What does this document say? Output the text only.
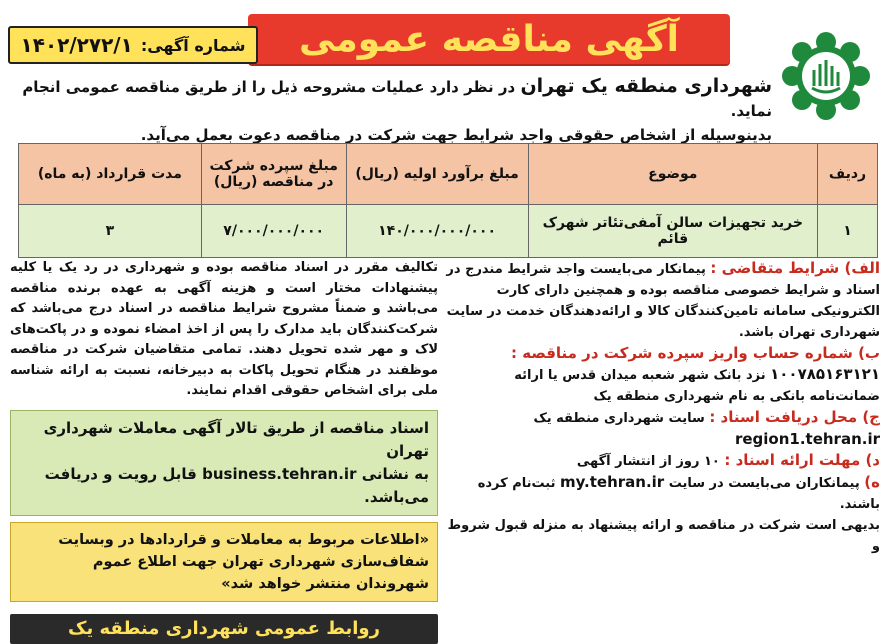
آگهی مناقصه عمومی
شماره آگهی:
۱۴۰۲/۲۷۲/۱
شهرداری منطقه یک تهران در نظر دارد عملیات مشروحه ذیل را از طریق مناقصه عمومی انجام نماید.
بدینوسیله از اشخاص حقوقی واجد شرایط جهت شرکت در مناقصه دعوت بعمل می‌آید.
ردیف	موضوع	مبلغ برآورد اولیه (ریال)	مبلغ سپرده شرکت در مناقصه (ریال)	مدت قرارداد (به ماه)
۱	خرید تجهیزات سالن آمفی‌تئاتر شهرک قائم	۱۴۰/۰۰۰/۰۰۰/۰۰۰	۷/۰۰۰/۰۰۰/۰۰۰	۳
تکالیف مقرر در اسناد مناقصه بوده و شهرداری در رد یک یا کلیه پیشنهادات مختار است و هزینه آگهی به عهده برنده مناقصه می‌باشد و ضمناً مشروح شرایط مناقصه در اسناد درج می‌باشد که شرکت‌کنندگان باید مدارک را پس از اخذ امضاء نموده و در پاکت‌های لاک و مهر شده تحویل دهند. تمامی متقاضیان شرکت در مناقصه موظفند در هنگام تحویل پاکات به دبیرخانه، نسبت به ارائه شناسه ملی برای اشخاص حقوقی اقدام نمایند.
اسناد مناقصه از طریق تالار آگهی معاملات شهرداری تهران
به نشانی business.tehran.ir قابل رویت و دریافت می‌باشد.
«اطلاعات مربوط به معاملات و قراردادها در وبسایت شفاف‌سازی شهرداری تهران جهت اطلاع عموم شهروندان منتشر خواهد شد»
روابط عمومی شهرداری منطقه یک
الف) شرایط متقاضی : پیمانکار می‌بایست واجد شرایط مندرج در اسناد و شرایط خصوصی مناقصه بوده و همچنین دارای کارت الکترونیکی سامانه تامین‌کنندگان کالا و ارائه‌دهندگان خدمت در سایت شهرداری تهران باشد.
ب) شماره حساب واریز سپرده شرکت در مناقصه :
۱۰۰۷۸۵۱۶۳۱۲۱ نزد بانک شهر شعبه میدان قدس یا ارائه
ضمانت‌نامه بانکی به نام شهرداری منطقه یک
ج) محل دریافت اسناد : سایت شهرداری منطقه یک
region1.tehran.ir
د) مهلت ارائه اسناد : ۱۰ روز از انتشار آگهی
ه) پیمانکاران می‌بایست در سایت my.tehran.ir ثبت‌نام کرده باشند.
بدیهی است شرکت در مناقصه و ارائه پیشنهاد به منزله قبول شروط و
